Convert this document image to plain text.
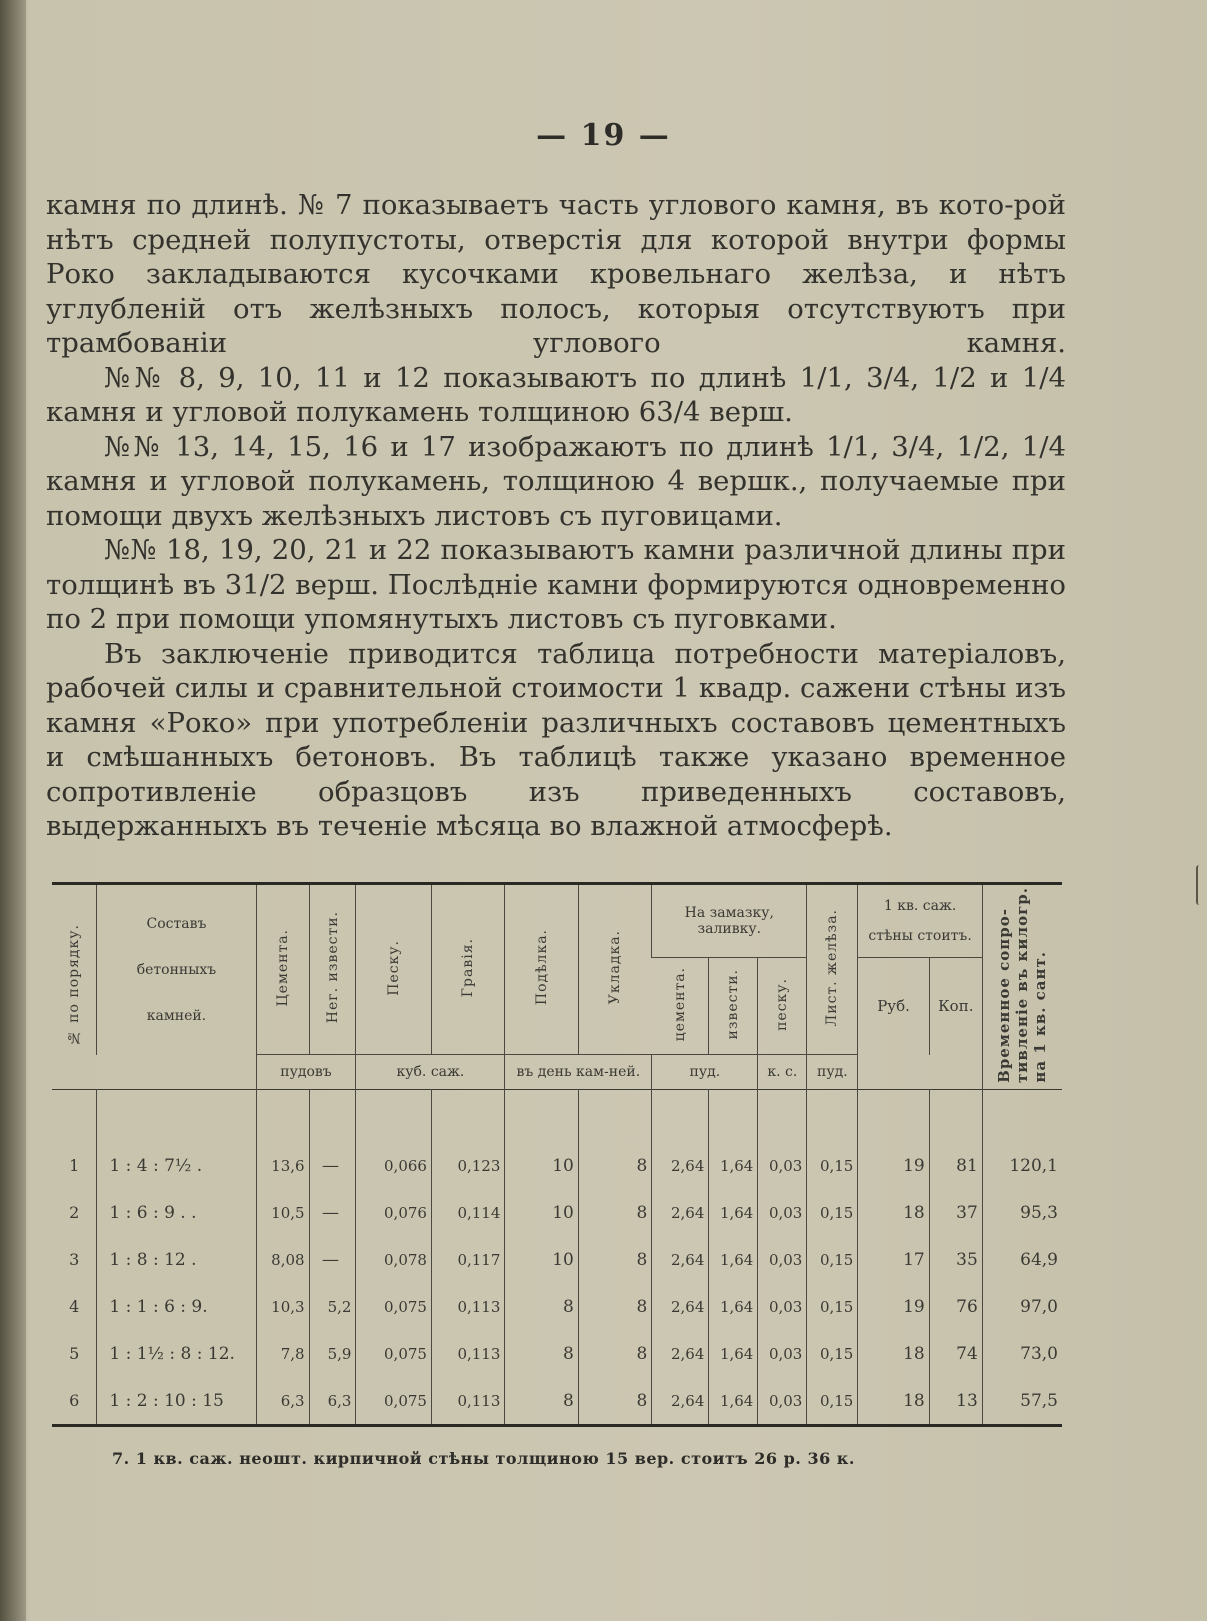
— 19 —

камня по длинѣ. № 7 показываетъ часть углового камня, въ кото-рой нѣтъ средней полупустоты, отверстія для которой внутри формы Роко закладываются кусочками кровельнаго желѣза, и нѣтъ углубленій отъ желѣзныхъ полосъ, которыя отсутствуютъ при трамбованіи углового камня.

№№ 8, 9, 10, 11 и 12 показываютъ по длинѣ 1/1, 3/4, 1/2 и 1/4 камня и угловой полукамень толщиною 63/4 верш.

№№ 13, 14, 15, 16 и 17 изображаютъ по длинѣ 1/1, 3/4, 1/2, 1/4 камня и угловой полукамень, толщиною 4 вершк., получаемые при помощи двухъ желѣзныхъ листовъ съ пуговицами.

№№ 18, 19, 20, 21 и 22 показываютъ камни различной длины при толщинѣ въ 31/2 верш. Послѣдніе камни формируются одновременно по 2 при помощи упомянутыхъ листовъ съ пуговками.

Въ заключеніе приводится таблица потребности матеріаловъ, рабочей силы и сравнительной стоимости 1 квадр. сажени стѣны изъ камня «Роко» при употребленіи различныхъ составовъ цементныхъ и смѣшанныхъ бетоновъ. Въ таблицѣ также указано временное сопротивленіе образцовъ изъ приведенныхъ составовъ, выдержанныхъ въ теченіе мѣсяца во влажной атмосферѣ.

№ по порядку.	Составъ
бетонныхъ
камней.	Цемента.	Нег. извести.	Песку.	Гравія.	Подѣлка.	Укладка.	На замазку, заливку.			Лист. желѣза.	1 кв. саж. стѣны стоитъ.		Временное сопро-тивленіе въ килогр.на 1 кв. сант.
								цемента.	извести.	песку.		Руб.	Коп.	
		пудовъ		куб. саж.		въ день кам-ней.		пуд.		к. с.	пуд.			

1	1 : 4 : 7½ .	13,6	—	0,066	0,123	10	8	2,64	1,64	0,03	0,15	19	81	120,1
2	1 : 6 : 9 . .	10,5	—	0,076	0,114	10	8	2,64	1,64	0,03	0,15	18	37	95,3
3	1 : 8 : 12 .	8,08	—	0,078	0,117	10	8	2,64	1,64	0,03	0,15	17	35	64,9
4	1 : 1 : 6 : 9.	10,3	5,2	0,075	0,113	8	8	2,64	1,64	0,03	0,15	19	76	97,0
5	1 : 1½ : 8 : 12.	7,8	5,9	0,075	0,113	8	8	2,64	1,64	0,03	0,15	18	74	73,0
6	1 : 2 : 10 : 15	6,3	6,3	0,075	0,113	8	8	2,64	1,64	0,03	0,15	18	13	57,5
7. 1 кв. саж. неошт. кирпичной стѣны толщиною 15 вер. стоитъ 26 р. 36 к.
